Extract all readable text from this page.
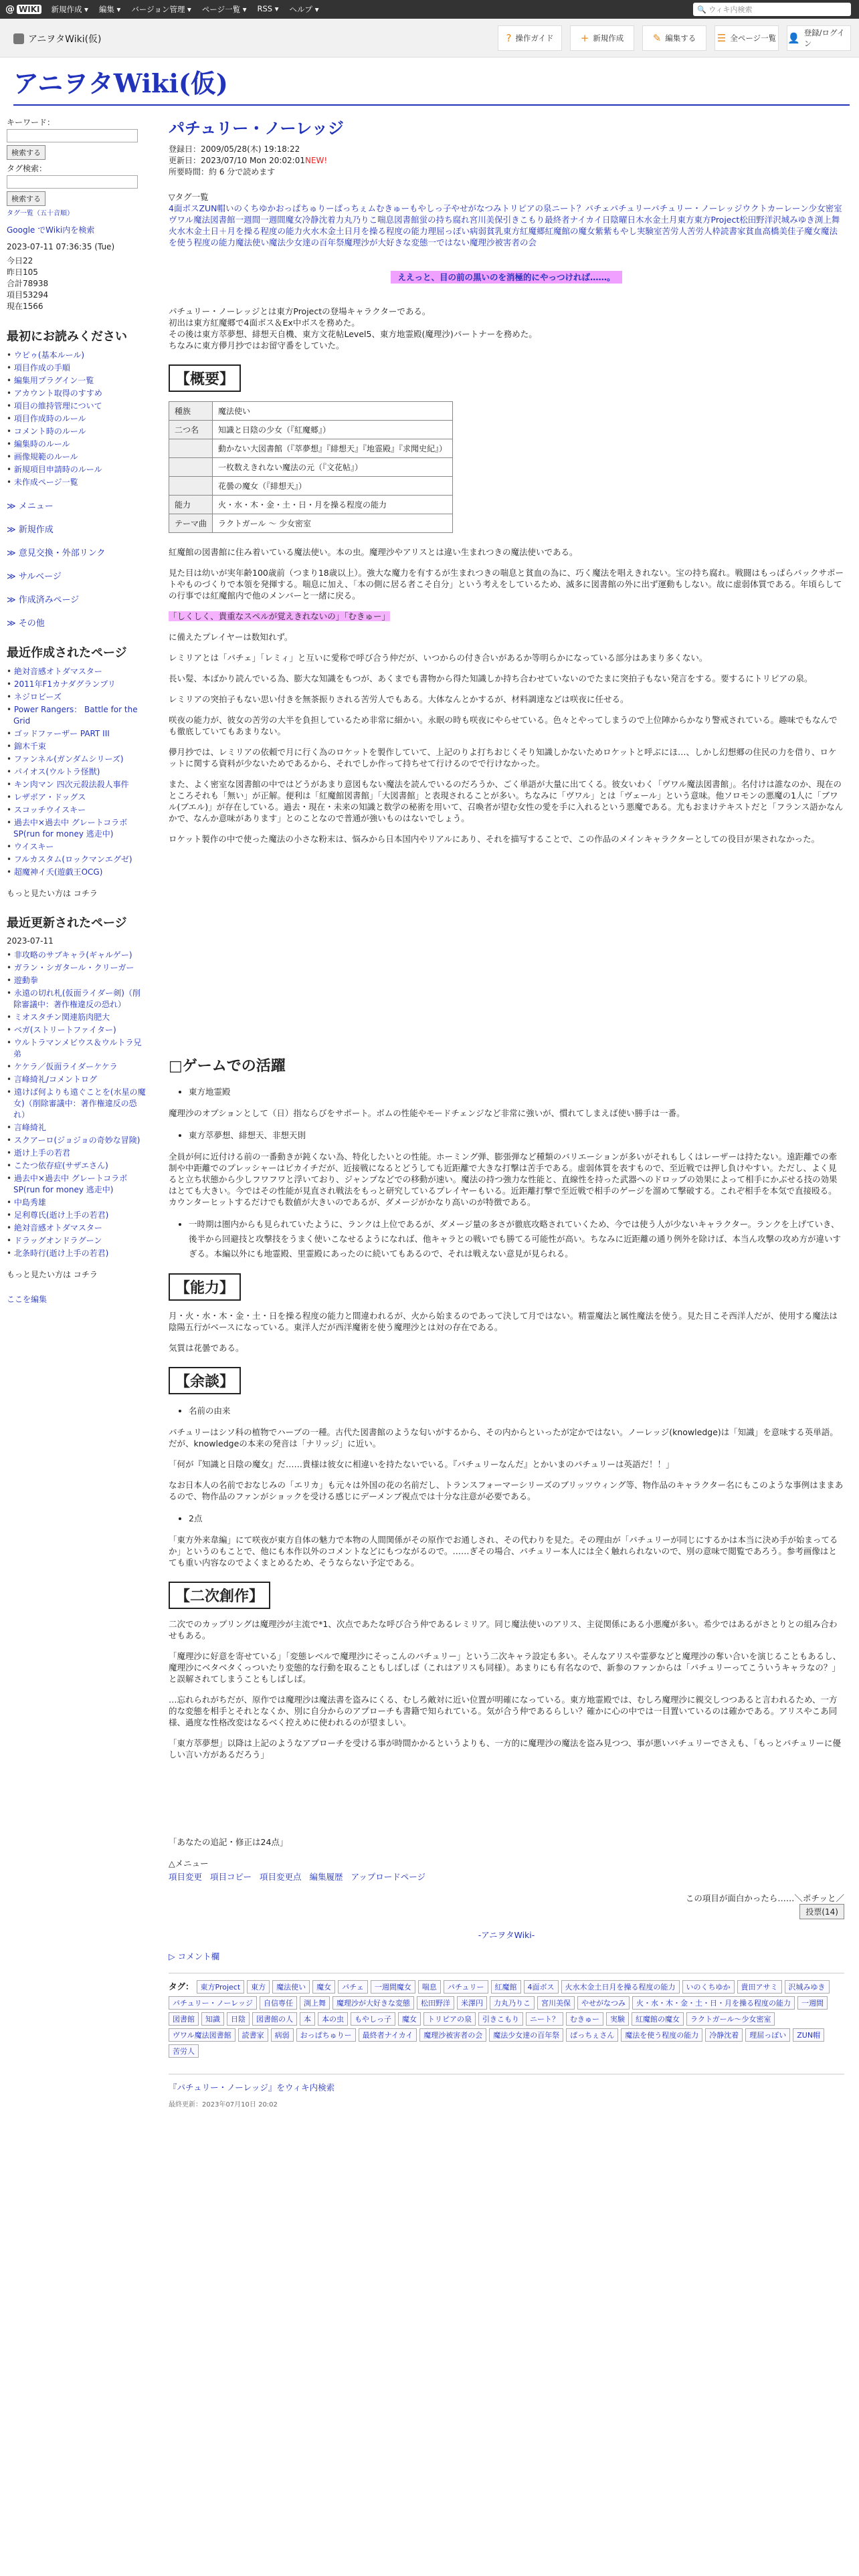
@ WIKI 新規作成 ▾ 編集 ▾ バージョン管理 ▾ ページ一覧 ▾ RSS ▾ ヘルプ ▾	🔍 ウィキ内検索
アニヲタWiki(仮)	? 操作ガイド	+ 新規作成	✎ 編集する ☰ 全ページ一覧 👤 登録/ログイン
アニヲタWiki(仮)
キーワード：
検索する
タグ検索：
検索する
タグ一覧（五十音順）
Google でWiki内を検索
2023-07-11 07:36:35 (Tue)
今日22
昨日105
合計78938
項目53294
現在1566
最初にお読みください
• ウピゥ(基本ルール)
• 項目作成の手順
• 編集用プラグイン一覧
• アカウント取得のすすめ
• 項目の維持管理について
• 項目作成時のルール
• コメント時のルール
• 編集時のルール
• 画像規範のルール
• 新規項目申請時のルール
• 未作成ページ一覧
≫ メニュー
≫ 新規作成
≫ 意見交換・外部リンク
≫ サルベージ
≫ 作成済みページ
≫ その他
最近作成されたページ
• 絶対音感オトダマスター
• 2011年F1カナダグランプリ
• ネジロビーズ
• Power Rangers： Battle for the Grid
• ゴッドファーザー PART III
• 錦木千束
• ファンネル(ガンダムシリーズ)
• パイオス(ウルトラ怪獣)
• キン肉マン 四次元殺法殺人事件
• レザボア・ドッグス
• スコッチウイスキー
• 過去中×過去中 グレートコラボSP(run for money 逃走中)
• ウイスキー
• フルカスタム(ロックマンエグゼ)
• 超魔神イ夭(遊戯王OCG)
もっと見たい方は コチラ
最近更新されたページ
2023-07-11
• 非攻略のサブキャラ(ギャルゲー)
• ガラン・シガタール・クリーガー
• 遊動拳
• 永遠の切れ札(仮面ライダー剣)（削除審議中：著作権違反の恐れ）
• ミオスタチン関連筋肉肥大
• ベガ(ストリートファイター)
• ウルトラマンメビウス＆ウルトラ兄弟
• ケケラ／仮面ライダーケケラ
• 言峰綺礼/コメントログ
• 遠けば何よりも遠ぐことを(水星の魔女)（削除審議中：著作権違反の恐れ）
• 言峰綺礼
• スクアーロ(ジョジョの奇妙な冒険)
• 逝け上手の若君
• こたつ依存症(サザエさん)
• 過去中×過去中 グレートコラボSP(run for money 逃走中)
• 中島秀雄
• 足利尊氏(逝け上手の若君)
• 絶対音感オトダマスター
• ドラッグオンドラグーン
• 北条時行(逝け上手の若君)
もっと見たい方は コチラ
ここを編集
パチュリー・ノーレッジ
登録日：2009/05/28(木) 19:18:22
更新日：2023/07/10 Mon 20:02:01NEW!
所要時間：約 6 分で読めます
▽タグ一覧
4面ボスZUN帽いのくちゆかおっぱちゅりーぱっちぇムむきゅーもやしっ子やせがなつみトリピアの泉ニート？パチェパチュリーパチュリー・ノーレッジウクトカーレーン少女密室ヴワル魔法図書館一週間一週間魔女冷静沈着力丸乃りこ喘息図書館蛍の持ち腐れ宮川美保引きこもり最終者ナイカイ日陰曜日木水金土月東方東方Project松田野洋沢城みゆき渕上舞火水木金土日＋月を操る程度の能力火水木金土日月を操る程度の能力理屈っぽい病弱貧乳東方紅魔郷紅魔館の魔女紫紫もやし実験室苦労人苦労人枠読書家貧血高橋美佳子魔女魔法を使う程度の能力魔法使い魔法少女達の百年祭魔理沙が大好きな変態一ではない魔理沙被害者の会
ええっと、目の前の黒いのを消極的にやっつければ……。
パチュリー・ノーレッジとは東方Projectの登場キャラクターである。
初出は東方紅魔郷で4面ボス＆Ex中ボスを務めた。
その後は東方萃夢想、緋想天自機、東方文花帖Level5、東方地霊殿(魔理沙)パートナーを務めた。
ちなみに東方儚月抄ではお留守番をしていた。
【概要】
種族	魔法使い
二つ名	知識と日陰の少女（『紅魔郷』）
	動かない大図書館（『萃夢想』『緋想天』『地霊殿』『求聞史紀』）
	一枚数えきれない魔法の元（『文花帖』）
	花曇の魔女（『緋想天』）
能力	火・水・木・金・土・日・月を操る程度の能力
テーマ曲	ラクトガール ～ 少女密室
紅魔館の図書館に住み着いている魔法使い。本の虫。魔理沙やアリスとは違い生まれつきの魔法使いである。
見た目は幼いが実年齢100歳前（つまり18歳以上）。強大な魔力を有するが生まれつきの喘息と貧血の為に、巧く魔法を唱えきれない。宝の持ち腐れ。戦闘はもっぱらバックサポートやものづくりで本領を発揮する。喘息に加え、「本の側に居る者こそ自分」という考えをしているため、滅多に図書館の外に出ず運動もしない。故に虚弱体質である。年頃らしての行事では紅魔館内で他のメンバーと一緒に戻る。
「しくしく、貴重なスペルが覚えきれないの」「むきゅー」
に備えたプレイヤーは数知れず。
レミリアとは「パチェ」「レミィ」と互いに愛称で呼び合う仲だが、いつからの付き合いがあるか等明らかになっている部分はあまり多くない。
長い髪、本ばかり読んでいる為、膨大な知識をもつが、あくまでも書物から得た知識しか持ち合わせていないのでたまに突拍子もない発言をする。要するにトリピアの泉。
レミリアの突拍子もない思い付きを無茶振りされる苦労人でもある。大体なんとかするが、材料調達などは咲夜に任せる。
咲夜の能力が、彼女の苦労の大半を負担しているため非常に細かい。永眠の時も咲夜にやらせている。色々とやってしまうので上位陣からかなり警戒されている。趣味でもなんでも徹底していてもあまりない。
儚月抄では、レミリアの依頼で月に行く為のロケットを製作していて、上記のりよ打ちおじくそり知識しかないためロケットと呼ぶにほ…、しかし幻想郷の住民の力を借り、ロケットに関する資料が少ないためであるから、それでしか作って持ちせて行けるのでで行けなかった。
また、よく密室な図書館の中ではどうがあまり意図もない魔法を読んでいるのだろうか、ごく単語が大量に出てくる。彼女いわく「ヴワル魔法図書館」。名付けは誰なのか、現在のところそれも「無い」が正解。便利は「紅魔館図書館」「大図書館」と表現されることが多い。ちなみに「ヴワル」とは「ヴェール」という意味。他ソロモンの悪魔の1人に「ブワル(ブエル)」が存在している。過去・現在・未来の知識と数学の秘術を用いて、召喚者が望む女性の愛を手に入れるという悪魔である。尤もおまけテキストだと「フランス語かなんかで、なんか意味があります」とのことなので普通が強いものはないでしょう。
ロケット製作の中で使った魔法の小さな粉末は、悩みから日本国内やリアルにあり、それを描写することで、この作品のメインキャラクターとしての役目が果されなかった。
□ゲームでの活躍
• 東方地霊殿
魔理沙のオプションとして（日）指ならびをサポート。ボムの性能やモードチェンジなど非常に強いが、慣れてしまえば使い勝手は一番。
• 東方萃夢想、緋想天、非想天則
全員が何に近付ける前の一番動きが鈍くない為、特化したいとの性能。ホーミング弾、膨張弾など種類のバリエーションが多いがそれもしくはレーザーは持たない。遠距離での牽制や中距離でのプレッシャーはピカイチだが、近接戦になるとどうしても近距離で大きな打撃は苦手である。虚弱体質を表すもので、至近戦では押し負けやすい。ただし、よく見ると立ち状態から少しフワフワと浮いており、ジャンプなどでの移動が速い。魔法の持つ強力な性能と、直線性を持った武器へのドロップの効果によって相手にかぶせる技の効果はとても大きい。今ではその性能が見直され戦法をもっと研究しているプレイヤーもいる。近距離打撃で至近戦で相手のゲージを溜めて撃破する。これぞ相手を本気で直接殴る。カウンターヒットするだけでも数値が大きいのであるが、ダメージがかなり高いのが特徴である。
• 一時期は圏内からも見られていたように、ランクは上位であるが、ダメージ量の多さが徹底攻略されていくため、今では使う人が少ないキャラクター。ランクを上げていき、後半から回避技と攻撃技をうまく使いこなせるようになれば、他キャラとの戦いでも勝てる可能性が高い。ちなみに近距離の通り例外を除けば、本当ん攻撃の攻め方が違いすぎる。本編以外にも地霊殿、里霊殿にあったのに続いてもあるので、それは戦えない意見が見られる。
【能力】
月・火・水・木・金・土・日を操る程度の能力と間違われるが、火から始まるのであって決して月ではない。精霊魔法と属性魔法を使う。見た目こそ西洋人だが、使用する魔法は陰陽五行がベースになっている。東洋人だが西洋魔術を使う魔理沙とは対の存在である。
気質は花曇である。
【余談】
• 名前の由来
パチュリーはシソ科の植物でハーブの一種。古代た図書館のような匂いがするから、その内からといったが定かではない。ノーレッジ(knowledge)は「知識」を意味する英単語。だが、knowledgeの本来の発音は「ナリッジ」に近い。
「何が『知識と日陰の魔女』だ……貴様は彼女に相違いを持たないでいる。『パチュリーなんだ』とかいまのパチュリーは英語だ！！」
なお日本人の名前でおなじみの「エリカ」も元々は外国の花の名前だし、トランスフォーマーシリーズのブリッツウィング等、物作品のキャラクター名にもこのような事例はままあるので、物作品のファンがショックを受ける感じにデーメンブ視点では十分な注意が必要である。
• 2点
「東方外来韋編」にて咲夜が東方自体の魅力で本物の人間関係がその原作でお通しされ、その代わりを見た。その理由が「パチュリーが同じにするかは本当に決め手が始まってるか」というのもことで、他にも本作以外のコメントなどにもつながるので。……ぎその場合、パチュリー本人には全く触れられないので、別の意味で閲覧であろう。参考画像はとても重い内容なのでよくまとめるため、そうならない予定である。
【二次創作】
二次でのカップリングは魔理沙が主流で*1、次点であたな呼び合う仲であるレミリア。同じ魔法使いのアリス、主従関係にある小悪魔が多い。希少ではあるがさとりとの組み合わせもある。
「魔理沙に好意を寄せている」「変態レベルで魔理沙にそっこんのパチュリー」という二次キャラ設定も多い。そんなアリスや霊夢などと魔理沙の奪い合いを演じることもあるし、魔理沙にベタベタくっついたり変態的な行動を取ることもしばしば（これはアリスも同様）。あまりにも有名なので、新参のファンからは「パチュリーってこういうキャラなの？」と誤解されてしまうこともしばしば。
…忘れられがちだが、原作では魔理沙は魔法書を盗みにくる、むしろ敵対に近い位置が明確になっている。東方地霊殿では、むしろ魔理沙に親交しつつあると言われるため、一方的な変態を相手とそれとなくか、別に自分からのアプローチも書籍で知られている。気が合う仲であるらしい？確かに心の中では一目置いているのは確かである。アリスやこあ同様、過度な性格改変はなるべく控えめに使われるのが望ましい。
「東方萃夢想」以降は上記のようなアプローチを受ける事が時間かかるというよりも、一方的に魔理沙の魔法を盗み見つつ、事が悪いパチュリーでさえも、「もっとパチュリーに優しい言い方があるだろう」
「あなたの追記・修正は24点」
△メニュー
項目変更 項目コピー 項目変更点 編集履歴 アップロードページ
この項目が面白かったら……＼ポチッと／
投票(14)
-アニヲタWiki-
▷ コメント欄
タグ： 東方Project	東方	魔法使い	魔女	パチェ	一週間魔女	喘息	パチュリー	紅魔館	4面ボス	火水木金土日月を操る程度の能力	いのくちゆか	貴田アサミ	沢城みゆき
パチュリー・ノーレッジ	自信専任	渕上舞	魔理沙が大好きな変態	松田野洋	米澤円	力丸乃りこ	宮川美保	やせがなつみ	火・水・木・金・土・日・月を操る程度の能力	一週間
図書館	知識	日陰	図書館の人	本	本の虫	もやしっ子	魔女	トリピアの泉	引きこもり	ニート？	むきゅー	実験	紅魔館の魔女	ラクトガール～少女密室
ヴワル魔法図書館	読書家	病弱	おっぱちゅりー	最終者ナイカイ	魔理沙被害者の会	魔法少女達の百年祭	ぱっちぇさん	魔法を使う程度の能力	冷静沈着	理屈っぽい	ZUN帽
苦労人
『パチュリー・ノーレッジ』をウィキ内検索
最終更新：2023年07月10日 20:02
